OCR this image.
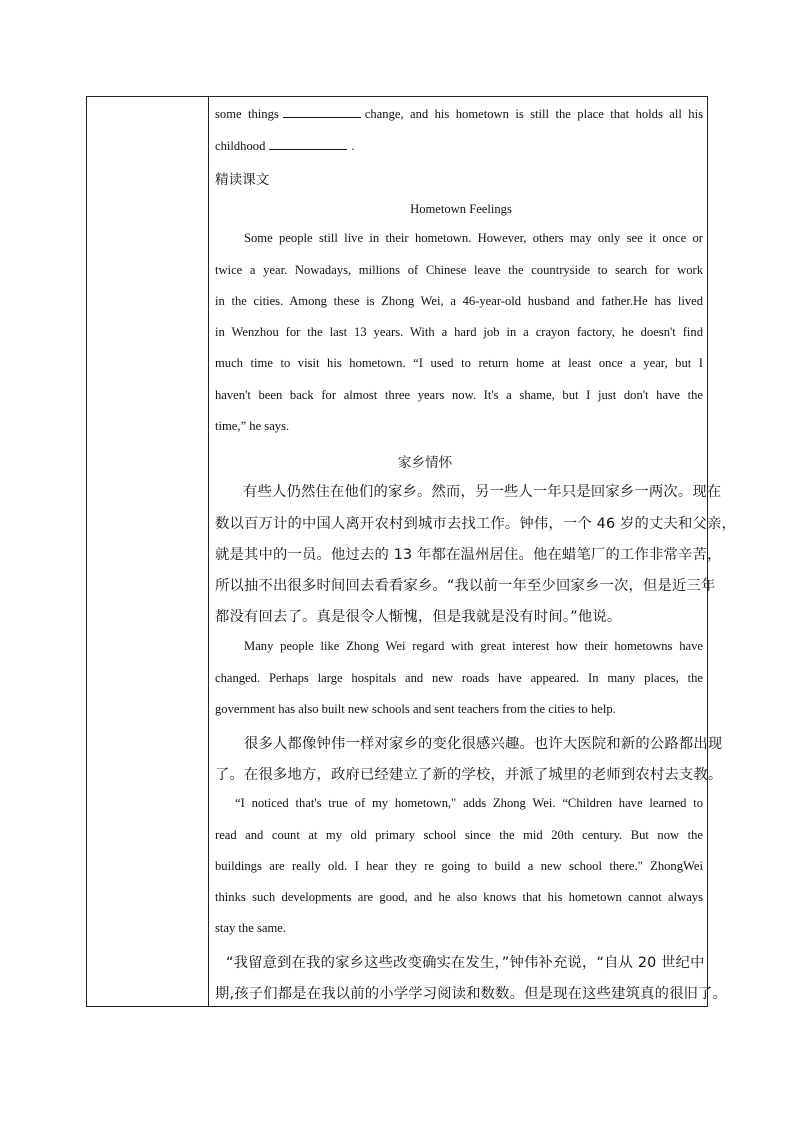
some things	change, and his hometown is still the place that holds all his
childhood	.
精读课文
Hometown Feelings
Some people still live in their hometown. However, others may only see it once or
twice a year. Nowadays, millions of Chinese leave the countryside to search for work
in the cities. Among these is Zhong Wei, a 46-year-old husband and father.He has lived
in Wenzhou for the last 13 years. With a hard job in a crayon factory, he doesn't find
much time to visit his hometown. “I used to return home at least once a year, but I
haven't been back for almost three years now. It's a shame, but I just don't have the
time,” he says.
家乡情怀
有些人仍然住在他们的家乡。然而，另一些人一年只是回家乡一两次。现在
数以百万计的中国人离开农村到城市去找工作。钟伟，一个 46 岁的丈夫和父亲，
就是其中的一员。他过去的 13 年都在温州居住。他在蜡笔厂的工作非常辛苦，
所以抽不出很多时间回去看看家乡。“我以前一年至少回家乡一次，但是近三年
都没有回去了。真是很令人惭愧，但是我就是没有时间。”他说。
Many people like Zhong Wei regard with great interest how their hometowns have
changed. Perhaps large hospitals and new roads have appeared. In many places, the
government has also built new schools and sent teachers from the cities to help.
很多人都像钟伟一样对家乡的变化很感兴趣。也许大医院和新的公路都出现
了。在很多地方，政府已经建立了新的学校，并派了城里的老师到农村去支教。
“I noticed that's true of my hometown," adds Zhong Wei. “Children have learned to
read and count at my old primary school since the mid 20th century. But now the
buildings are really old. I hear they re going to build a new school there." ZhongWei
thinks such developments are good, and he also knows that his hometown cannot always
stay the same.
“我留意到在我的家乡这些改变确实在发生，”钟伟补充说，“自从 20 世纪中
期,孩子们都是在我以前的小学学习阅读和数数。但是现在这些建筑真的很旧了。
